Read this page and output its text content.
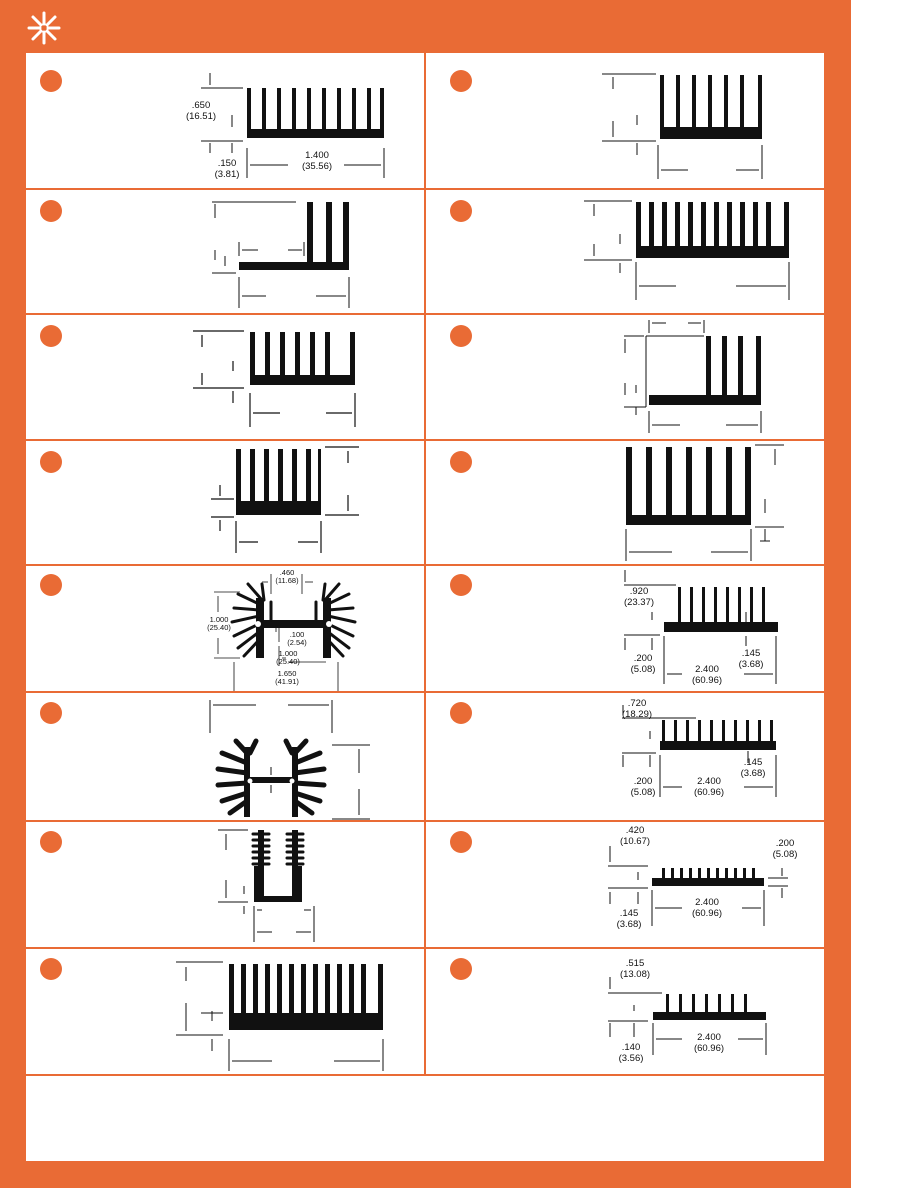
.650
(16.51)
.150
(3.81)
1.400
(35.56)
.460
(11.68)
1.000
(25.40)
.100
(2.54)
1.000
(25.40)
1.650
(41.91)
.920
(23.37)
.145
(3.68)
.200
(5.08)	2.400
(60.96)
.720
(18.29)
.145
(3.68)
.200
(5.08)
2.400
(60.96)
.420
(10.67)	.200
(5.08)
.145
(3.68)
2.400
(60.96)
.515
(13.08)
.140
(3.56)
2.400
(60.96)
